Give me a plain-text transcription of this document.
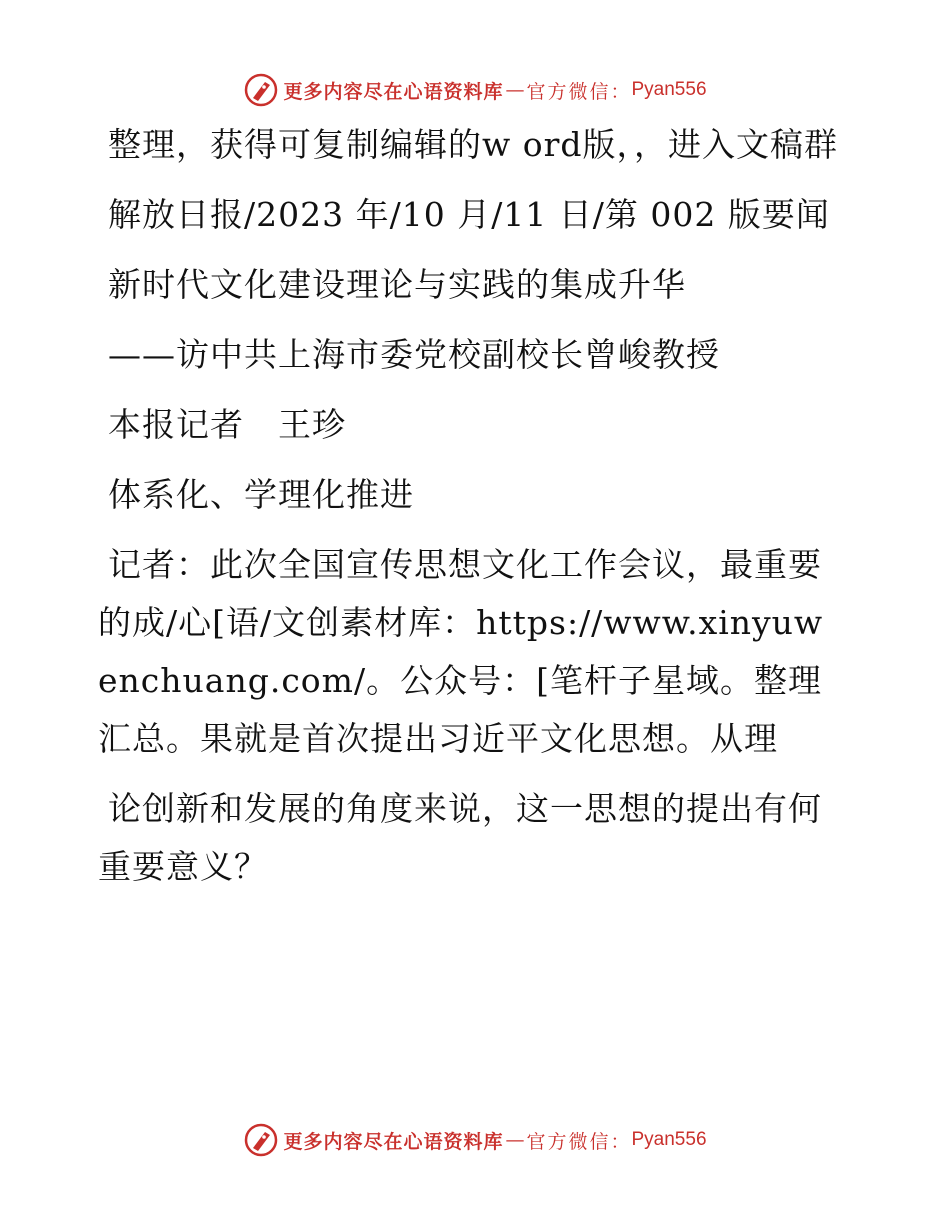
更多内容尽在心语资料库 — 官方微信： Pyan556

整理，获得可复制编辑的w ord版，，进入文稿群

解放日报/2023 年/10 月/11 日/第 002 版要闻

新时代文化建设理论与实践的集成升华

——访中共上海市委党校副校长曾峻教授

本报记者　王珍

体系化、学理化推进

记者：此次全国宣传思想文化工作会议，最重要的成/心[语/文创素材库：https://www.xinyuwenchuang.com/。公众号：[笔杆子星域。整理汇总。果就是首次提出习近平文化思想。从理

论创新和发展的角度来说，这一思想的提出有何重要意义？

更多内容尽在心语资料库 — 官方微信： Pyan556
